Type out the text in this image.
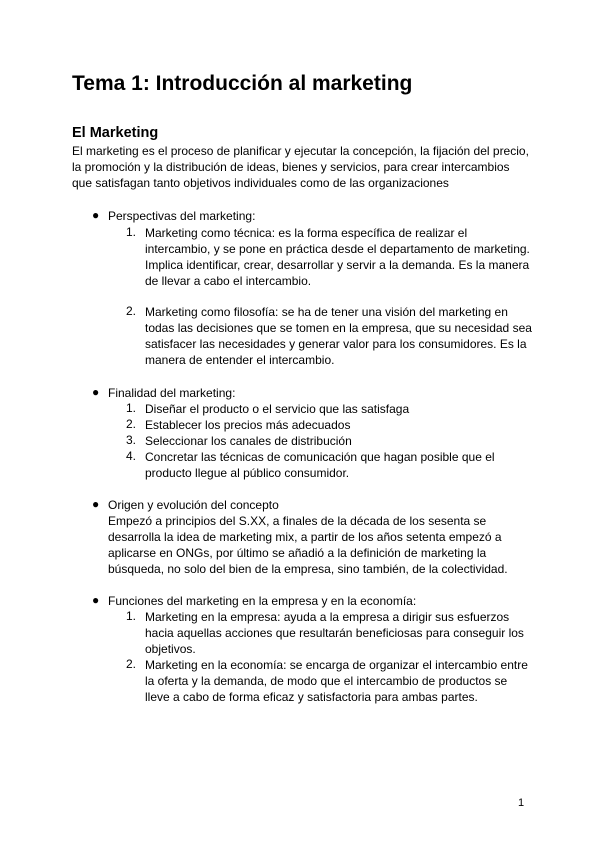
Tema 1: Introducción al marketing
El Marketing

El marketing es el proceso de planificar y ejecutar la concepción, la fijación del precio, la promoción y la distribución de ideas, bienes y servicios, para crear intercambios que satisfagan tanto objetivos individuales como de las organizaciones

● Perspectivas del marketing:
1. Marketing como técnica: es la forma específica de realizar el intercambio, y se pone en práctica desde el departamento de marketing. Implica identificar, crear, desarrollar y servir a la demanda. Es la manera de llevar a cabo el intercambio.
2. Marketing como filosofía: se ha de tener una visión del marketing en todas las decisiones que se tomen en la empresa, que su necesidad sea satisfacer las necesidades y generar valor para los consumidores. Es la manera de entender el intercambio.
● Finalidad del marketing:
1. Diseñar el producto o el servicio que las satisfaga
2. Establecer los precios más adecuados
3. Seleccionar los canales de distribución
4. Concretar las técnicas de comunicación que hagan posible que el producto llegue al público consumidor.
● Origen y evolución del concepto

Empezó a principios del S.XX, a finales de la década de los sesenta se desarrolla la idea de marketing mix, a partir de los años setenta empezó a aplicarse en ONGs, por último se añadió a la definición de marketing la búsqueda, no solo del bien de la empresa, sino también, de la colectividad.

● Funciones del marketing en la empresa y en la economía:
1. Marketing en la empresa: ayuda a la empresa a dirigir sus esfuerzos hacia aquellas acciones que resultarán beneficiosas para conseguir los objetivos.
2. Marketing en la economía: se encarga de organizar el intercambio entre la oferta y la demanda, de modo que el intercambio de productos se lleve a cabo de forma eficaz y satisfactoria para ambas partes.
1
